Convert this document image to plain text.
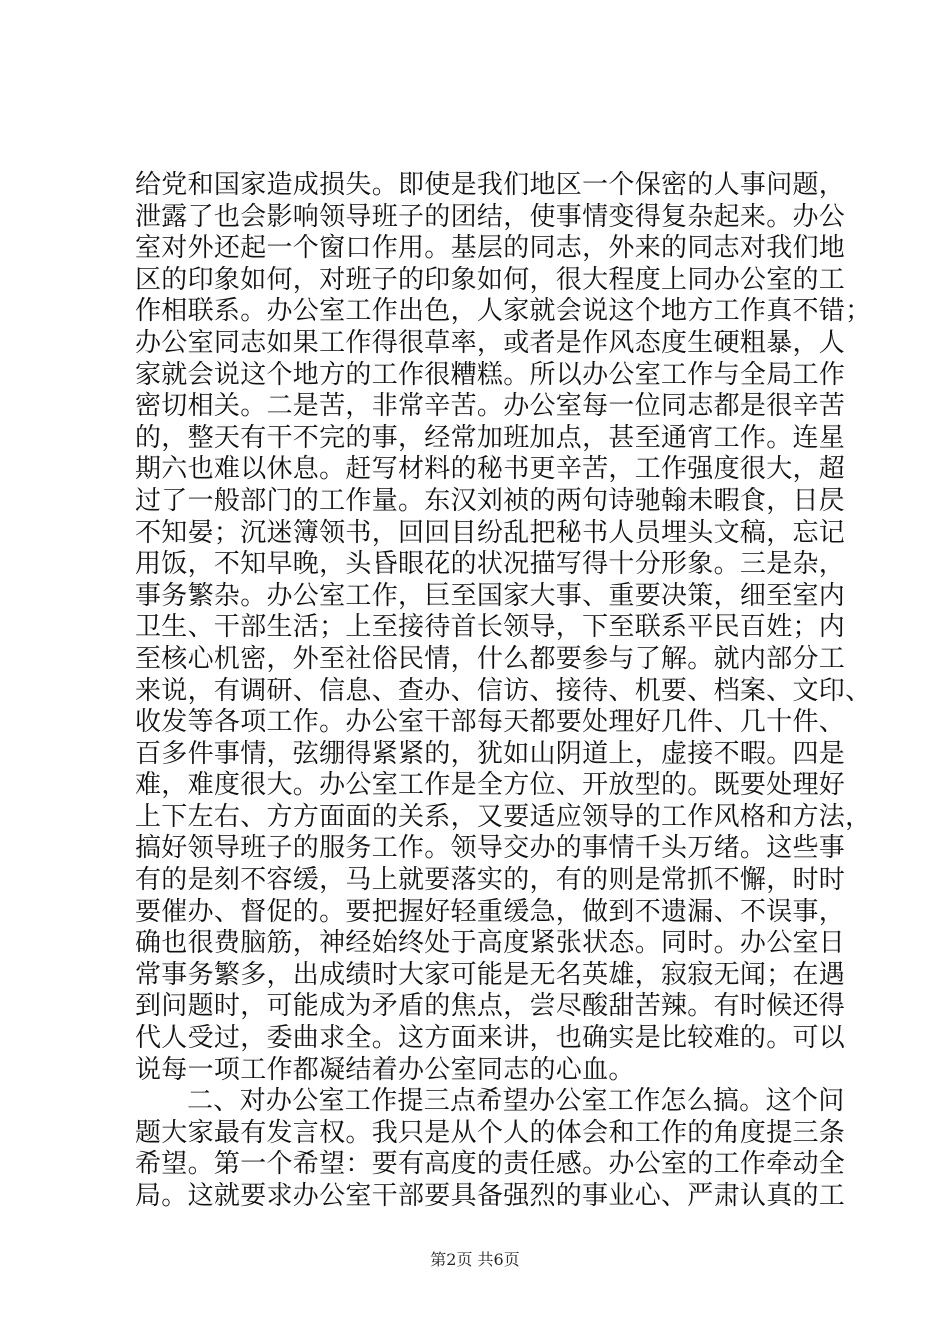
给党和国家造成损失。即使是我们地区一个保密的人事问题，
泄露了也会影响领导班子的团结，使事情变得复杂起来。办公
室对外还起一个窗口作用。基层的同志，外来的同志对我们地
区的印象如何，对班子的印象如何，很大程度上同办公室的工
作相联系。办公室工作出色，人家就会说这个地方工作真不错；
办公室同志如果工作得很草率，或者是作风态度生硬粗暴，人
家就会说这个地方的工作很糟糕。所以办公室工作与全局工作
密切相关。二是苦，非常辛苦。办公室每一位同志都是很辛苦
的，整天有干不完的事，经常加班加点，甚至通宵工作。连星
期六也难以休息。赶写材料的秘书更辛苦，工作强度很大，超
过了一般部门的工作量。东汉刘祯的两句诗驰翰未暇食，日昃
不知晏；沉迷簿领书，回回目纷乱把秘书人员埋头文稿，忘记
用饭，不知早晚，头昏眼花的状况描写得十分形象。三是杂，
事务繁杂。办公室工作，巨至国家大事、重要决策，细至室内
卫生、干部生活；上至接待首长领导，下至联系平民百姓；内
至核心机密，外至社俗民情，什么都要参与了解。就内部分工
来说，有调研、信息、查办、信访、接待、机要、档案、文印、
收发等各项工作。办公室干部每天都要处理好几件、几十件、
百多件事情，弦绷得紧紧的，犹如山阴道上，虚接不暇。四是
难，难度很大。办公室工作是全方位、开放型的。既要处理好
上下左右、方方面面的关系，又要适应领导的工作风格和方法，
搞好领导班子的服务工作。领导交办的事情千头万绪。这些事
有的是刻不容缓，马上就要落实的，有的则是常抓不懈，时时
要催办、督促的。要把握好轻重缓急，做到不遗漏、不误事，
确也很费脑筋，神经始终处于高度紧张状态。同时。办公室日
常事务繁多，出成绩时大家可能是无名英雄，寂寂无闻；在遇
到问题时，可能成为矛盾的焦点，尝尽酸甜苦辣。有时候还得
代人受过，委曲求全。这方面来讲，也确实是比较难的。可以
说每一项工作都凝结着办公室同志的心血。
二、对办公室工作提三点希望办公室工作怎么搞。这个问
题大家最有发言权。我只是从个人的体会和工作的角度提三条
希望。第一个希望：要有高度的责任感。办公室的工作牵动全
局。这就要求办公室干部要具备强烈的事业心、严肃认真的工
第2页 共6页
